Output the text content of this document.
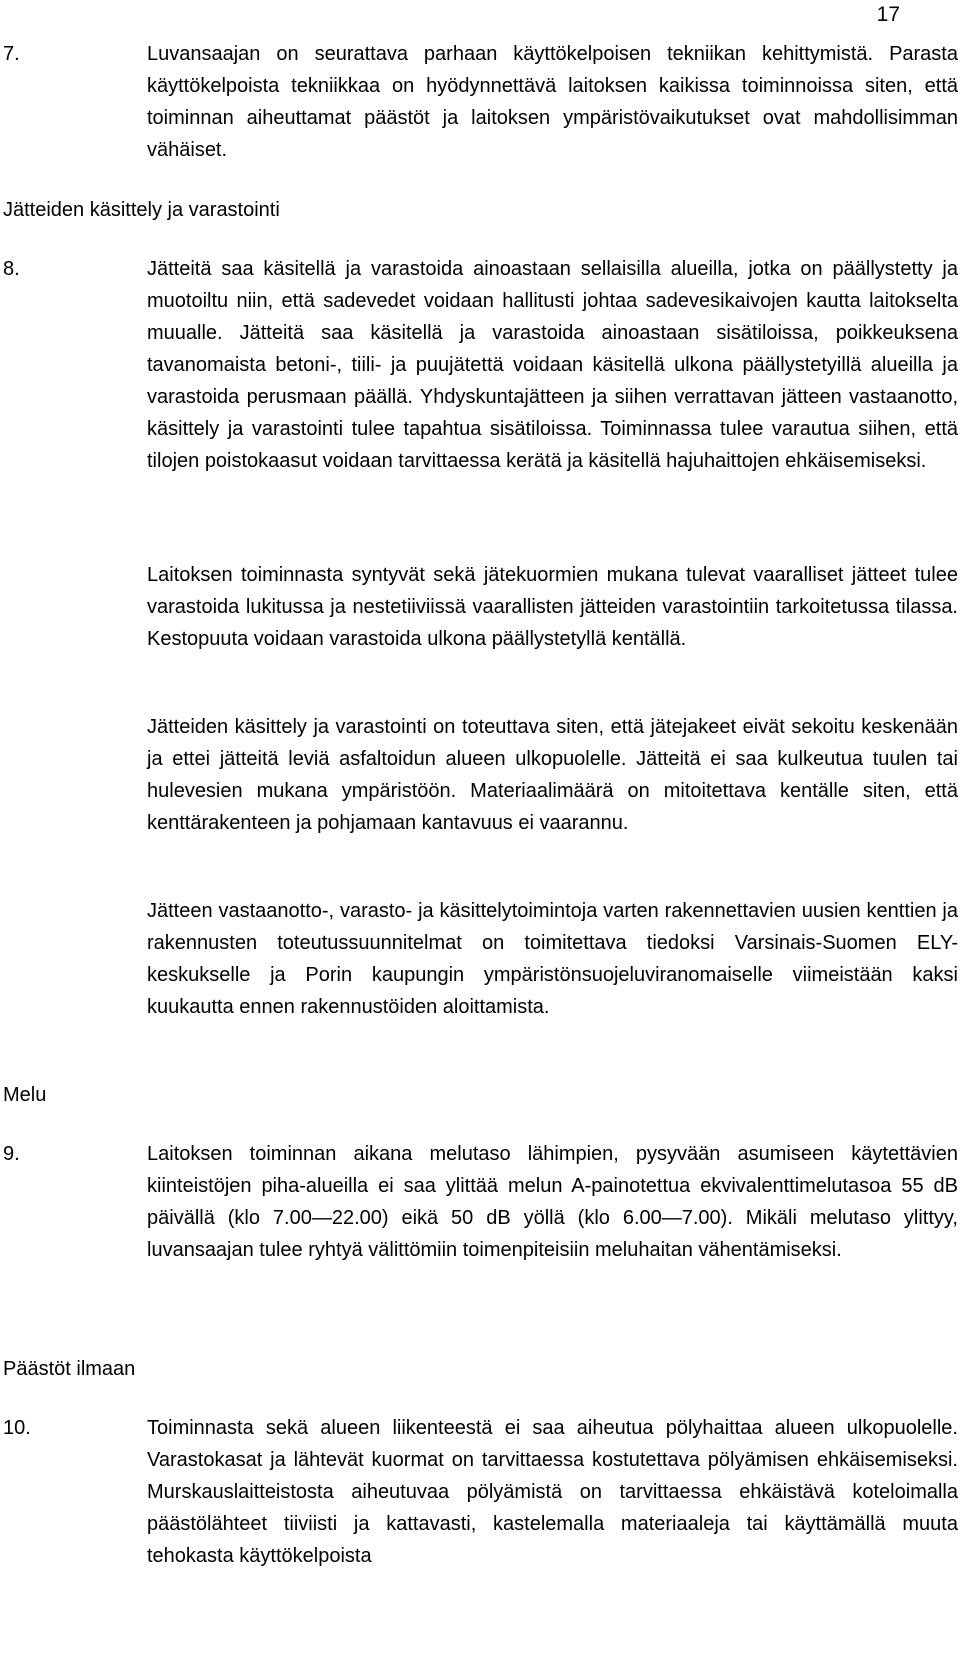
17
7.	Luvansaajan on seurattava parhaan käyttökelpoisen tekniikan kehittymistä. Parasta käyttökelpoista tekniikkaa on hyödynnettävä laitoksen kaikissa toiminnoissa siten, että toiminnan aiheuttamat päästöt ja laitoksen ympäristövaikutukset ovat mahdollisimman vähäiset.

Jätteiden käsittely ja varastointi
8.	Jätteitä saa käsitellä ja varastoida ainoastaan sellaisilla alueilla, jotka on päällystetty ja muotoiltu niin, että sadevedet voidaan hallitusti johtaa sadevesikaivojen kautta laitokselta muualle. Jätteitä saa käsitellä ja varastoida ainoastaan sisätiloissa, poikkeuksena tavanomaista betoni-, tiili- ja puujätettä voidaan käsitellä ulkona päällystetyillä alueilla ja varastoida perusmaan päällä. Yhdyskuntajätteen ja siihen verrattavan jätteen vastaanotto, käsittely ja varastointi tulee tapahtua sisätiloissa. Toiminnassa tulee varautua siihen, että tilojen poistokaasut voidaan tarvittaessa kerätä ja käsitellä hajuhaittojen ehkäisemiseksi.

Laitoksen toiminnasta syntyvät sekä jätekuormien mukana tulevat vaaralliset jätteet tulee varastoida lukitussa ja nestetiiviissä vaarallisten jätteiden varastointiin tarkoitetussa tilassa. Kestopuuta voidaan varastoida ulkona päällystetyllä kentällä.

Jätteiden käsittely ja varastointi on toteuttava siten, että jätejakeet eivät sekoitu keskenään ja ettei jätteitä leviä asfaltoidun alueen ulkopuolelle. Jätteitä ei saa kulkeutua tuulen tai hulevesien mukana ympäristöön. Materiaalimäärä on mitoitettava kentälle siten, että kenttärakenteen ja pohjamaan kantavuus ei vaarannu.

Jätteen vastaanotto-, varasto- ja käsittelytoimintoja varten rakennettavien uusien kenttien ja rakennusten toteutussuunnitelmat on toimitettava tiedoksi Varsinais-Suomen ELY-keskukselle ja Porin kaupungin ympäristönsuojeluviranomaiselle viimeistään kaksi kuukautta ennen rakennustöiden aloittamista.

Melu
9.	Laitoksen toiminnan aikana melutaso lähimpien, pysyvään asumiseen käytettävien kiinteistöjen piha-alueilla ei saa ylittää melun A-painotettua ekvivalenttimelutasoa 55 dB päivällä (klo 7.00—22.00) eikä 50 dB yöllä (klo 6.00—7.00). Mikäli melutaso ylittyy, luvansaajan tulee ryhtyä välittömiin toimenpiteisiin meluhaitan vähentämiseksi.

Päästöt ilmaan
10.	Toiminnasta sekä alueen liikenteestä ei saa aiheutua pölyhaittaa alueen ulkopuolelle. Varastokasat ja lähtevät kuormat on tarvittaessa kostutettava pölyämisen ehkäisemiseksi. Murskauslaitteistosta aiheutuvaa pölyämistä on tarvittaessa ehkäistävä koteloimalla päästölähteet tiiviisti ja kattavasti, kastelemalla materiaaleja tai käyttämällä muuta tehokasta käyttökelpoista
